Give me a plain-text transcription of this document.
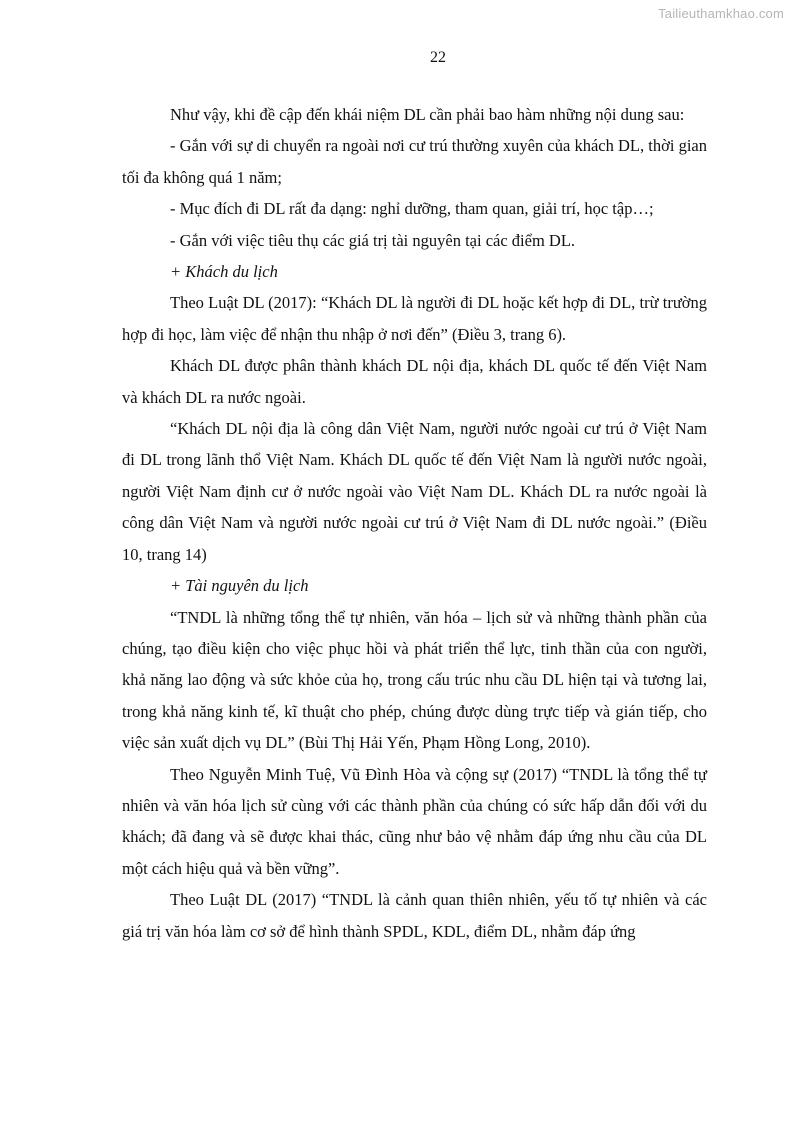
Tailieuthamkhao.com
22

Như vậy, khi đề cập đến khái niệm DL cần phải bao hàm những nội dung sau:

- Gắn với sự di chuyển ra ngoài nơi cư trú thường xuyên của khách DL, thời gian tối đa không quá 1 năm;

- Mục đích đi DL rất đa dạng: nghỉ dưỡng, tham quan, giải trí, học tập…;

- Gắn với việc tiêu thụ các giá trị tài nguyên tại các điểm DL.

+ Khách du lịch

Theo Luật DL (2017): “Khách DL là người đi DL hoặc kết hợp đi DL, trừ trường hợp đi học, làm việc để nhận thu nhập ở nơi đến” (Điều 3, trang 6).

Khách DL được phân thành khách DL nội địa, khách DL quốc tế đến Việt Nam và khách DL ra nước ngoài.

“Khách DL nội địa là công dân Việt Nam, người nước ngoài cư trú ở Việt Nam đi DL trong lãnh thổ Việt Nam. Khách DL quốc tế đến Việt Nam là người nước ngoài, người Việt Nam định cư ở nước ngoài vào Việt Nam DL. Khách DL ra nước ngoài là công dân Việt Nam và người nước ngoài cư trú ở Việt Nam đi DL nước ngoài.” (Điều 10, trang 14)

+ Tài nguyên du lịch

“TNDL là những tổng thể tự nhiên, văn hóa – lịch sử và những thành phần của chúng, tạo điều kiện cho việc phục hồi và phát triển thể lực, tinh thần của con người, khả năng lao động và sức khỏe của họ, trong cấu trúc nhu cầu DL hiện tại và tương lai, trong khả năng kinh tế, kĩ thuật cho phép, chúng được dùng trực tiếp và gián tiếp, cho việc sản xuất dịch vụ DL” (Bùi Thị Hải Yến, Phạm Hồng Long, 2010).

Theo Nguyễn Minh Tuệ, Vũ Đình Hòa và cộng sự (2017) “TNDL là tổng thể tự nhiên và văn hóa lịch sử cùng với các thành phần của chúng có sức hấp dẫn đối với du khách; đã đang và sẽ được khai thác, cũng như bảo vệ nhằm đáp ứng nhu cầu của DL một cách hiệu quả và bền vững”.

Theo Luật DL (2017) “TNDL là cảnh quan thiên nhiên, yếu tố tự nhiên và các giá trị văn hóa làm cơ sở để hình thành SPDL, KDL, điểm DL, nhằm đáp ứng
